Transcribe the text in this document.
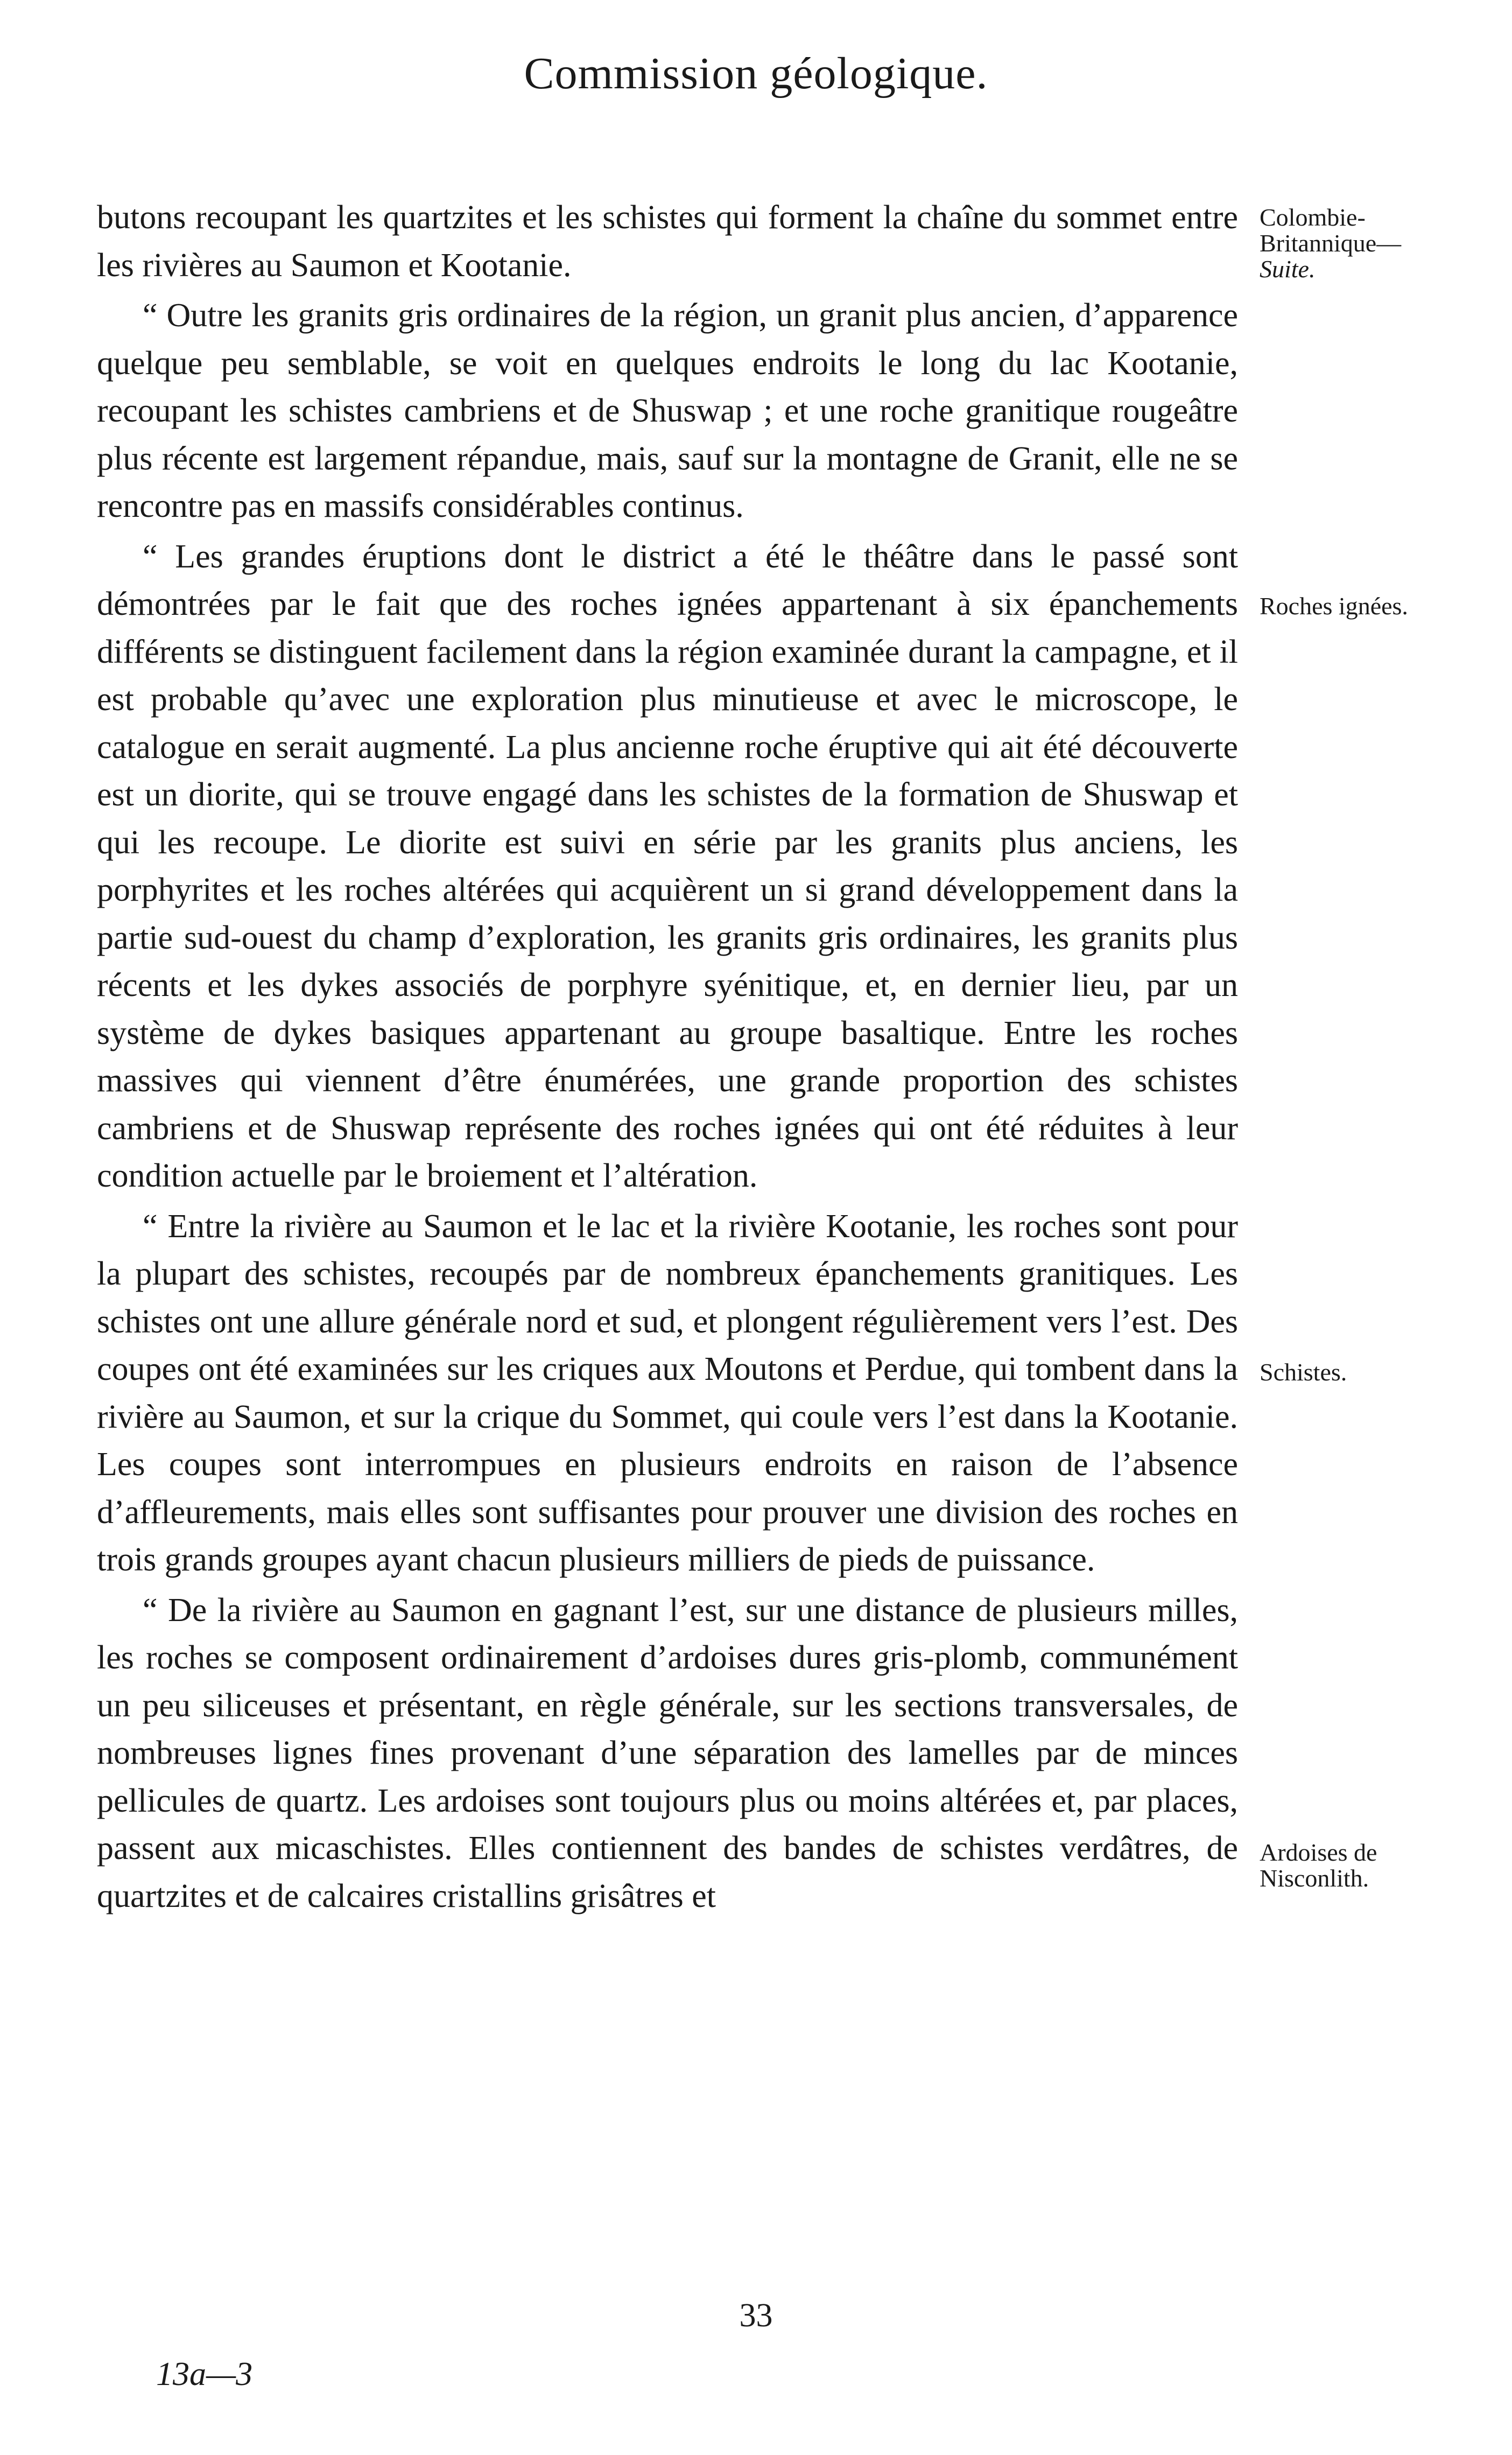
Commission géologique.

butons recoupant les quartzites et les schistes qui forment la chaîne du sommet entre les rivières au Saumon et Kootanie.

“ Outre les granits gris ordinaires de la région, un granit plus ancien, d’apparence quelque peu semblable, se voit en quelques endroits le long du lac Kootanie, recoupant les schistes cambriens et de Shuswap ; et une roche granitique rougeâtre plus récente est largement répandue, mais, sauf sur la montagne de Granit, elle ne se rencontre pas en massifs considérables continus.

“ Les grandes éruptions dont le district a été le théâtre dans le passé sont démontrées par le fait que des roches ignées appartenant à six épanchements différents se distinguent facilement dans la région examinée durant la campagne, et il est probable qu’avec une exploration plus minutieuse et avec le microscope, le catalogue en serait augmenté. La plus ancienne roche éruptive qui ait été découverte est un diorite, qui se trouve engagé dans les schistes de la formation de Shuswap et qui les recoupe. Le diorite est suivi en série par les granits plus anciens, les porphyrites et les roches altérées qui acquièrent un si grand développement dans la partie sud-ouest du champ d’exploration, les granits gris ordinaires, les granits plus récents et les dykes associés de porphyre syénitique, et, en dernier lieu, par un système de dykes basiques appartenant au groupe basaltique. Entre les roches massives qui viennent d’être énumérées, une grande proportion des schistes cambriens et de Shuswap représente des roches ignées qui ont été réduites à leur condition actuelle par le broiement et l’altération.

“ Entre la rivière au Saumon et le lac et la rivière Kootanie, les roches sont pour la plupart des schistes, recoupés par de nombreux épanchements granitiques. Les schistes ont une allure générale nord et sud, et plongent régulièrement vers l’est. Des coupes ont été examinées sur les criques aux Moutons et Perdue, qui tombent dans la rivière au Saumon, et sur la crique du Sommet, qui coule vers l’est dans la Kootanie. Les coupes sont interrompues en plusieurs endroits en raison de l’absence d’affleurements, mais elles sont suffisantes pour prouver une division des roches en trois grands groupes ayant chacun plusieurs milliers de pieds de puissance.

“ De la rivière au Saumon en gagnant l’est, sur une distance de plusieurs milles, les roches se composent ordinairement d’ardoises dures gris-plomb, communément un peu siliceuses et présentant, en règle générale, sur les sections transversales, de nombreuses lignes fines provenant d’une séparation des lamelles par de minces pellicules de quartz. Les ardoises sont toujours plus ou moins altérées et, par places, passent aux micaschistes. Elles contiennent des bandes de schistes verdâtres, de quartzites et de calcaires cristallins grisâtres et

Colombie-
Britannique—
Suite.
Roches ignées.
Schistes.
Ardoises de
Nisconlith.
33
13a—3
